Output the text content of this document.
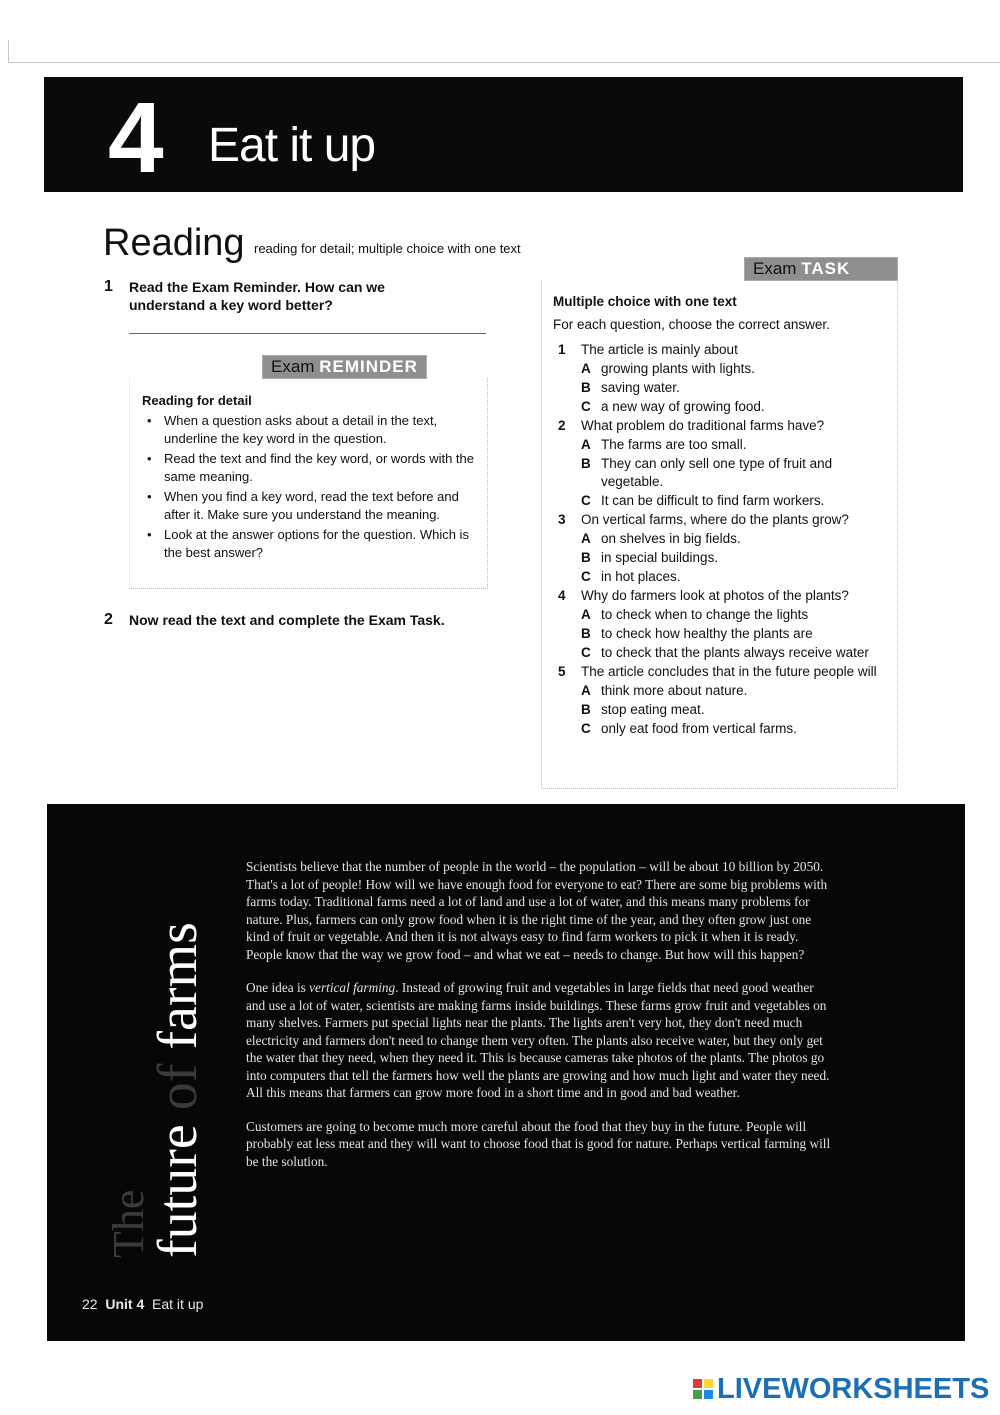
4 Eat it up
Reading reading for detail; multiple choice with one text
1 Read the Exam Reminder. How can we understand a key word better?
Exam REMINDER
Reading for detail
• When a question asks about a detail in the text, underline the key word in the question.
• Read the text and find the key word, or words with the same meaning.
• When you find a key word, read the text before and after it. Make sure you understand the meaning.
• Look at the answer options for the question. Which is the best answer?
2 Now read the text and complete the Exam Task.
Exam TASK
Multiple choice with one text
For each question, choose the correct answer.
1 The article is mainly about
A growing plants with lights.
B saving water.
C a new way of growing food.
2 What problem do traditional farms have?
A The farms are too small.
B They can only sell one type of fruit and vegetable.
C It can be difficult to find farm workers.
3 On vertical farms, where do the plants grow?
A on shelves in big fields.
B in special buildings.
C in hot places.
4 Why do farmers look at photos of the plants?
A to check when to change the lights
B to check how healthy the plants are
C to check that the plants always receive water
5 The article concludes that in the future people will
A think more about nature.
B stop eating meat.
C only eat food from vertical farms.
The
future of farms

Scientists believe that the number of people in the world – the population – will be about 10 billion by 2050. That's a lot of people! How will we have enough food for everyone to eat? There are some big problems with farms today. Traditional farms need a lot of land and use a lot of water, and this means many problems for nature. Plus, farmers can only grow food when it is the right time of the year, and they often grow just one kind of fruit or vegetable. And then it is not always easy to find farm workers to pick it when it is ready. People know that the way we grow food – and what we eat – needs to change. But how will this happen?

One idea is vertical farming. Instead of growing fruit and vegetables in large fields that need good weather and use a lot of water, scientists are making farms inside buildings. These farms grow fruit and vegetables on many shelves. Farmers put special lights near the plants. The lights aren't very hot, they don't need much electricity and farmers don't need to change them very often. The plants also receive water, but they only get the water that they need, when they need it. This is because cameras take photos of the plants. The photos go into computers that tell the farmers how well the plants are growing and how much light and water they need. All this means that farmers can grow more food in a short time and in good and bad weather.

Customers are going to become much more careful about the food that they buy in the future. People will probably eat less meat and they will want to choose food that is good for nature. Perhaps vertical farming will be the solution.

22 Unit 4 Eat it up
LIVEWORKSHEETS
